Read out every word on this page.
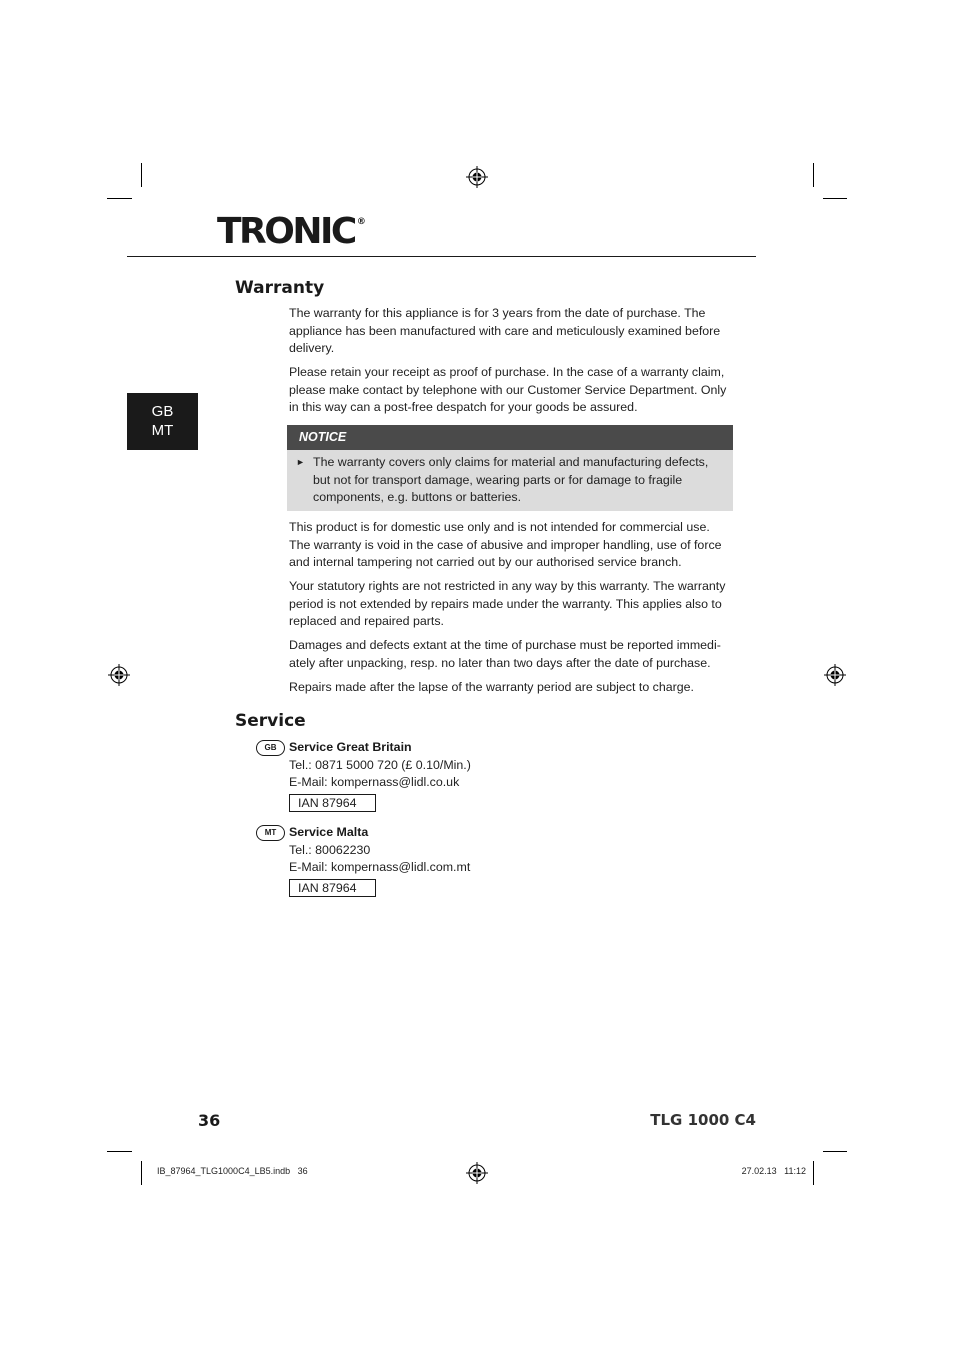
TRONIC ®
GB
MT
Warranty

The warranty for this appliance is for 3 years from the date of purchase. The appliance has been manufactured with care and meticulously examined before delivery.

Please retain your receipt as proof of purchase. In the case of a warranty claim, please make contact by telephone with our Customer Service Department. Only in this way can a post-free despatch for your goods be assured.

NOTICE
► The warranty covers only claims for material and manufacturing defects, but not for transport damage, wearing parts or for damage to fragile components, e.g. buttons or batteries.

This product is for domestic use only and is not intended for commercial use. The warranty is void in the case of abusive and improper handling, use of force and internal tampering not carried out by our authorised service branch.

Your statutory rights are not restricted in any way by this warranty. The warranty period is not extended by repairs made under the warranty. This applies also to replaced and repaired parts.

Damages and defects extant at the time of purchase must be reported immedi-ately after unpacking, resp. no later than two days after the date of purchase.

Repairs made after the lapse of the warranty period are subject to charge.

Service
GB	Service Great Britain
Tel.: 0871 5000 720 (£ 0.10/Min.)
E-Mail: kompernass@lidl.co.uk
IAN 87964
MT	Service Malta
Tel.: 80062230
E-Mail: kompernass@lidl.com.mt
IAN 87964
36	TLG 1000 C4
IB_87964_TLG1000C4_LB5.indb   36	27.02.13   11:12
